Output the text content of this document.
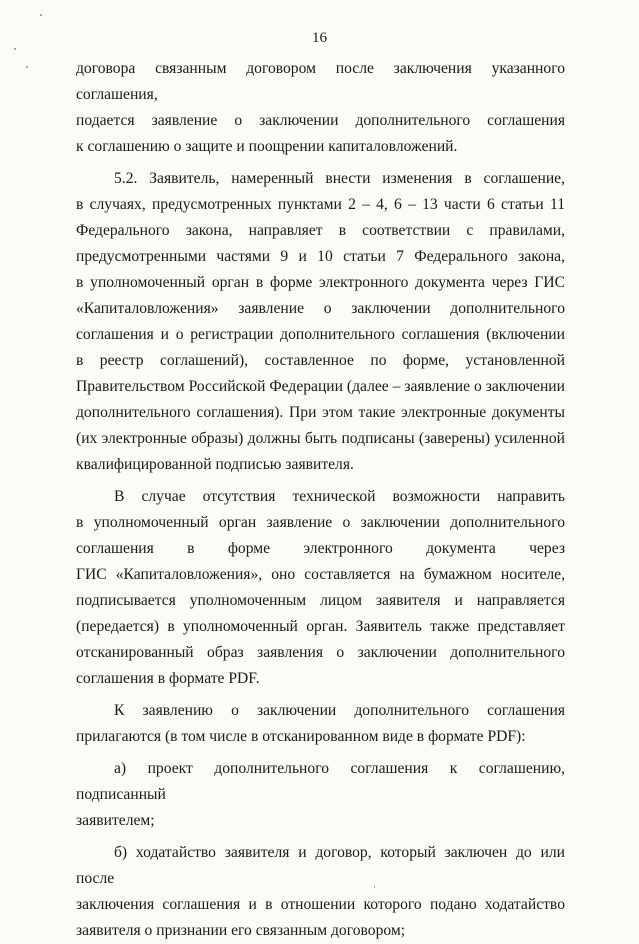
16
договора связанным договором после заключения указанного соглашения,
подается заявление о заключении дополнительного соглашения
к соглашению о защите и поощрении капиталовложений.
5.2. Заявитель, намеренный внести изменения в соглашение,
в случаях, предусмотренных пунктами 2 – 4, 6 – 13 части 6 статьи 11
Федерального закона, направляет в соответствии с правилами,
предусмотренными частями 9 и 10 статьи 7 Федерального закона,
в уполномоченный орган в форме электронного документа через ГИС
«Капиталовложения» заявление о заключении дополнительного
соглашения и о регистрации дополнительного соглашения (включении
в реестр соглашений), составленное по форме, установленной
Правительством Российской Федерации (далее – заявление о заключении
дополнительного соглашения). При этом такие электронные документы
(их электронные образы) должны быть подписаны (заверены) усиленной
квалифицированной подписью заявителя.
В случае отсутствия технической возможности направить
в уполномоченный орган заявление о заключении дополнительного
соглашения в форме электронного документа через
ГИС «Капиталовложения», оно составляется на бумажном носителе,
подписывается уполномоченным лицом заявителя и направляется
(передается) в уполномоченный орган. Заявитель также представляет
отсканированный образ заявления о заключении дополнительного
соглашения в формате PDF.
К заявлению о заключении дополнительного соглашения
прилагаются (в том числе в отсканированном виде в формате PDF):
а) проект дополнительного соглашения к соглашению, подписанный
заявителем;
б) ходатайство заявителя и договор, который заключен до или после
заключения соглашения и в отношении которого подано ходатайство
заявителя о признании его связанным договором;
